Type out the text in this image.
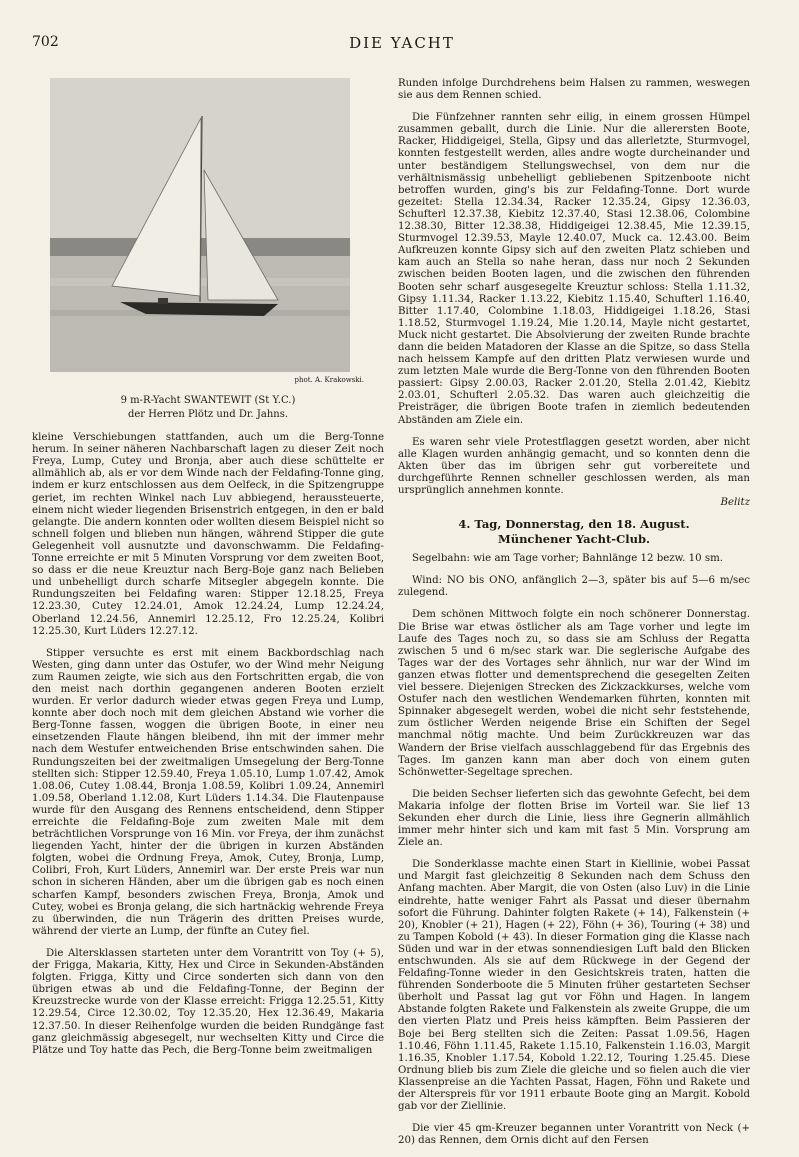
702	DIE YACHT
phot. A. Krakowski.
9 m-R-Yacht SWANTEWIT (St Y.C.)
der Herren Plötz und Dr. Jahns.

kleine Verschiebungen stattfanden, auch um die Berg-Tonne herum. In seiner näheren Nachbarschaft lagen zu dieser Zeit noch Freya, Lump, Cutey und Bronja, aber auch diese schüttelte er allmählich ab, als er vor dem Winde nach der Feldafing-Tonne ging, indem er kurz entschlossen aus dem Oelfeck, in die Spitzengruppe geriet, im rechten Winkel nach Luv abbiegend, herausstеuerte, einem nicht wieder liegenden Brisenstrich entgegen, in den er bald gelangte. Die andern konnten oder wollten diesem Beispiel nicht so schnell folgen und blieben nun hängen, während Stipper die gute Gelegenheit voll ausnutzte und davonschwamm. Die Feldafing-Tonne erreichte er mit 5 Minuten Vorsprung vor dem zweiten Boot, so dass er die neue Kreuztur nach Berg-Boje ganz nach Belieben und unbehelligt durch scharfe Mitsegler abgegeln konnte. Die Rundungszeiten bei Feldafing waren: Stipper 12.18.25, Freya 12.23.30, Cutey 12.24.01, Amok 12.24.24, Lump 12.24.24, Oberland 12.24.56, Annemirl 12.25.12, Fro 12.25.24, Kolibri 12.25.30, Kurt Lüders 12.27.12.

Stipper versuchte es erst mit einem Backbordschlag nach Westen, ging dann unter das Ostufer, wo der Wind mehr Neigung zum Raumen zeigte, wie sich aus den Fortschritten ergab, die von den meist nach dorthin gegangenen anderen Booten erzielt wurden. Er verlor dadurch wieder etwas gegen Freya und Lump, konnte aber doch noch mit dem gleichen Abstand wie vorher die Berg-Tonne fassen, woggen die übrigen Boote, in einer neu einsetzenden Flaute hängen bleibend, ihn mit der immer mehr nach dem Westufer entweichenden Brise entschwinden sahen. Die Rundungszeiten bei der zweitmaligen Umsegelung der Berg-Tonne stellten sich: Stipper 12.59.40, Freya 1.05.10, Lump 1.07.42, Amok 1.08.06, Cutey 1.08.44, Bronja 1.08.59, Kolibri 1.09.24, Annemirl 1.09.58, Oberland 1.12.08, Kurt Lüders 1.14.34. Die Flautenpause wurde für den Ausgang des Rennens entscheidend, denn Stipper erreichte die Feldafing-Boje zum zweiten Male mit dem beträchtlichen Vorsprunge von 16 Min. vor Freya, der ihm zunächst liegenden Yacht, hinter der die übrigen in kurzen Abständen folgten, wobei die Ordnung Freya, Amok, Cutey, Bronja, Lump, Colibri, Froh, Kurt Lüders, Annemirl war. Der erste Preis war nun schon in sicheren Händen, aber um die übrigen gab es noch einen scharfen Kampf, besonders zwischen Freya, Bronja, Amok und Cutey, wobei es Bronja gelang, die sich hartnäckig wehrende Freya zu überwinden, die nun Trägerin des dritten Preises wurde, während der vierte an Lump, der fünfte an Cutey fiel.

Die Altersklassen starteten unter dem Vorantritt von Toy (+ 5), der Frigga, Makaria, Kitty, Hex und Circe in Sekunden-Abständen folgten. Frigga, Kitty und Circe sonderten sich dann von den übrigen etwas ab und die Feldafing-Tonne, der Beginn der Kreuzstrecke wurde von der Klasse erreicht: Frigga 12.25.51, Kitty 12.29.54, Circe 12.30.02, Toy 12.35.20, Hex 12.36.49, Makaria 12.37.50. In dieser Reihenfolge wurden die beiden Rundgänge fast ganz gleichmässig abgesegelt, nur wechselten Kitty und Circe die Plätze und Toy hatte das Pech, die Berg-Tonne beim zweitmaligen

Runden infolge Durchdrehens beim Halsen zu rammen, weswegen sie aus dem Rennen schied.

Die Fünfzehner rannten sehr eilig, in einem grossen Hümpel zusammen geballt, durch die Linie. Nur die allerersten Boote, Racker, Hiddigeigei, Stella, Gipsy und das allerletzte, Sturmvogel, konnten festgestellt werden, alles andre wogte durcheinander und unter beständigem Stellungswechsel, von dem nur die verhältnismässig unbehelligt gebliebenen Spitzenboote nicht betroffen wurden, ging's bis zur Feldafing-Tonne. Dort wurde gezeitet: Stella 12.34.34, Racker 12.35.24, Gipsy 12.36.03, Schufterl 12.37.38, Kiebitz 12.37.40, Stasi 12.38.06, Colombine 12.38.30, Bitter 12.38.38, Hiddigeigei 12.38.45, Mie 12.39.15, Sturmvogel 12.39.53, Mayle 12.40.07, Muck ca. 12.43.00. Beim Aufkreuzen konnte Gipsy sich auf den zweiten Platz schieben und kam auch an Stella so nahe heran, dass nur noch 2 Sekunden zwischen beiden Booten lagen, und die zwischen den führenden Booten sehr scharf ausgesegelte Kreuztur schloss: Stella 1.11.32, Gipsy 1.11.34, Racker 1.13.22, Kiebitz 1.15.40, Schufterl 1.16.40, Bitter 1.17.40, Colombine 1.18.03, Hiddigeigei 1.18.26, Stasi 1.18.52, Sturmvogel 1.19.24, Mie 1.20.14, Mayle nicht gestartet, Muck nicht gestartet. Die Absolvierung der zweiten Runde brachte dann die beiden Matadoren der Klasse an die Spitze, so dass Stella nach heissem Kampfe auf den dritten Platz verwiesen wurde und zum letzten Male wurde die Berg-Tonne von den führenden Booten passiert: Gipsy 2.00.03, Racker 2.01.20, Stella 2.01.42, Kiebitz 2.03.01, Schufterl 2.05.32. Das waren auch gleichzeitig die Preisträger, die übrigen Boote trafen in ziemlich bedeutenden Abständen am Ziele ein.

Es waren sehr viele Protestflaggen gesetzt worden, aber nicht alle Klagen wurden anhängig gemacht, und so konnten denn die Akten über das im übrigen sehr gut vorbereitete und durchgeführte Rennen schneller geschlossen werden, als man ursprünglich annehmen konnte.

Belitz
4. Tag, Donnerstag, den 18. August.
Münchener Yacht-Club.

Segelbahn: wie am Tage vorher; Bahnlänge 12 bezw. 10 sm.

Wind: NO bis ONO, anfänglich 2—3, später bis auf 5—6 m/sec zulegend.

Dem schönen Mittwoch folgte ein noch schönerer Donnerstag. Die Brise war etwas östlicher als am Tage vorher und legte im Laufe des Tages noch zu, so dass sie am Schluss der Regatta zwischen 5 und 6 m/sec stark war. Die seglerische Aufgabe des Tages war der des Vortages sehr ähnlich, nur war der Wind im ganzen etwas flotter und dementsprechend die gesegelten Zeiten viel bessere. Diejenigen Strecken des Zickzackkurses, welche vom Ostufer nach den westlichen Wendemarken führten, konnten mit Spinnaker abgesegelt werden, wobei die nicht sehr feststehende, zum östlicher Werden neigende Brise ein Schiften der Segel manchmal nötig machte. Und beim Zurückkreuzen war das Wandern der Brise vielfach ausschlaggebend für das Ergebnis des Tages. Im ganzen kann man aber doch von einem guten Schönwetter-Segeltage sprechen.

Die beiden Sechser lieferten sich das gewohnte Gefecht, bei dem Makaria infolge der flotten Brise im Vorteil war. Sie lief 13 Sekunden eher durch die Linie, liess ihre Gegnerin allmählich immer mehr hinter sich und kam mit fast 5 Min. Vorsprung am Ziele an.

Die Sonderklasse machte einen Start in Kiellinie, wobei Passat und Margit fast gleichzeitig 8 Sekunden nach dem Schuss den Anfang machten. Aber Margit, die von Osten (also Luv) in die Linie eindrehte, hatte weniger Fahrt als Passat und dieser übernahm sofort die Führung. Dahinter folgten Rakete (+ 14), Falkenstein (+ 20), Knobler (+ 21), Hagen (+ 22), Föhn (+ 36), Touring (+ 38) und zu Tampen Kobold (+ 43). In dieser Formation ging die Klasse nach Süden und war in der etwas sonnendiesigen Luft bald den Blicken entschwunden. Als sie auf dem Rückwege in der Gegend der Feldafing-Tonne wieder in den Gesichtskreis traten, hatten die führenden Sonderboote die 5 Minuten früher gestarteten Sechser überholt und Passat lag gut vor Föhn und Hagen. In langem Abstande folgten Rakete und Falkenstein als zweite Gruppe, die um den vierten Platz und Preis heiss kämpften. Beim Passieren der Boje bei Berg stellten sich die Zeiten: Passat 1.09.56, Hagen 1.10.46, Föhn 1.11.45, Rakete 1.15.10, Falkenstein 1.16.03, Margit 1.16.35, Knobler 1.17.54, Kobold 1.22.12, Touring 1.25.45. Diese Ordnung blieb bis zum Ziele die gleiche und so fielen auch die vier Klassenpreise an die Yachten Passat, Hagen, Föhn und Rakete und der Alterspreis für vor 1911 erbaute Boote ging an Margit. Kobold gab vor der Ziellinie.

Die vier 45 qm-Kreuzer begannen unter Vorantritt von Neck (+ 20) das Rennen, dem Ornis dicht auf den Fersen
